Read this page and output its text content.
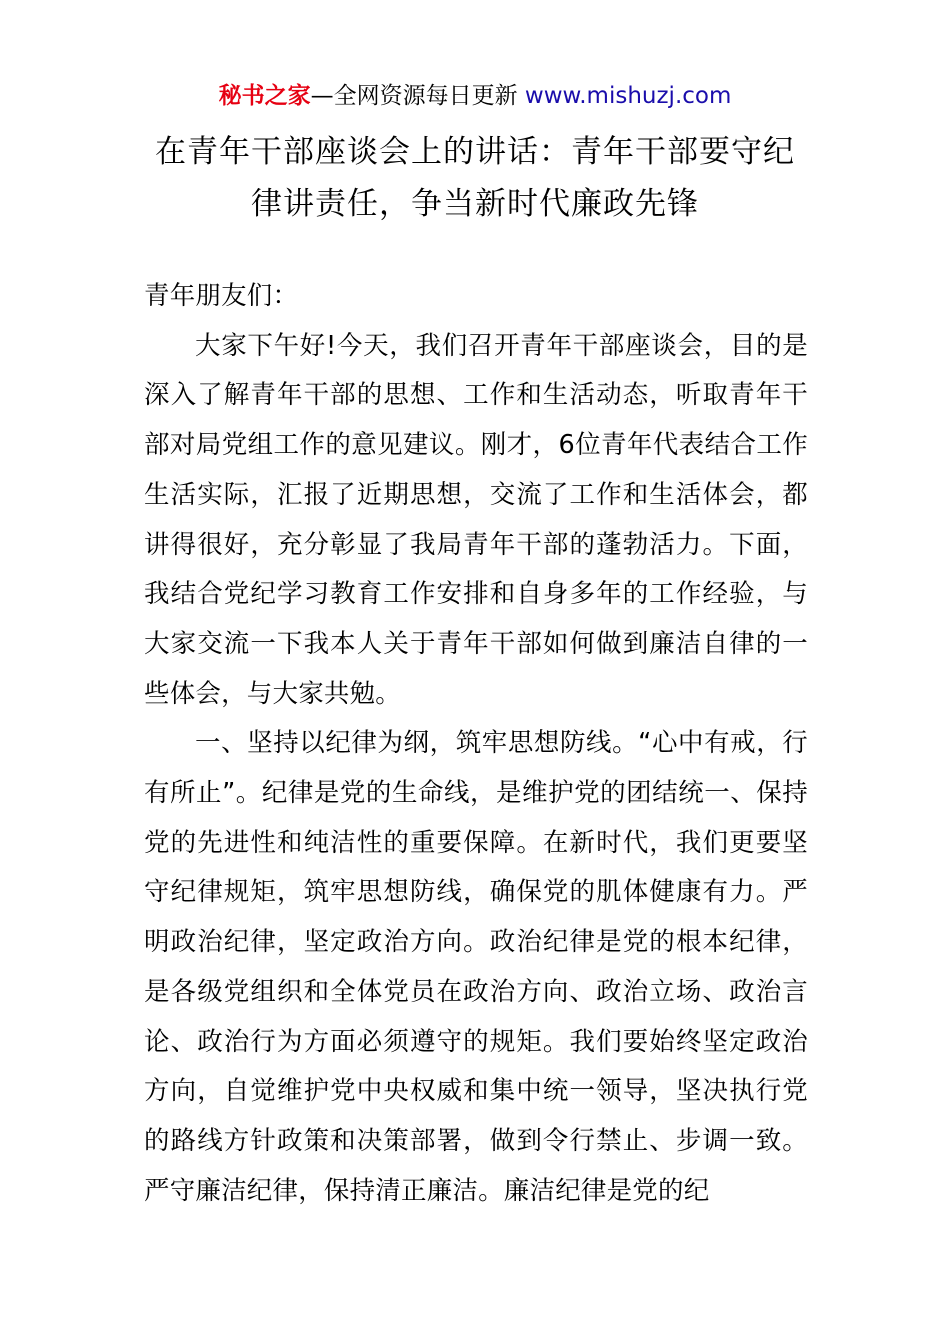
秘书之家—全网资源每日更新 www.mishuzj.com
在青年干部座谈会上的讲话：青年干部要守纪律讲责任，争当新时代廉政先锋

青年朋友们：

大家下午好!今天，我们召开青年干部座谈会，目的是深入了解青年干部的思想、工作和生活动态，听取青年干部对局党组工作的意见建议。刚才，6位青年代表结合工作生活实际，汇报了近期思想，交流了工作和生活体会，都讲得很好，充分彰显了我局青年干部的蓬勃活力。下面，我结合党纪学习教育工作安排和自身多年的工作经验，与大家交流一下我本人关于青年干部如何做到廉洁自律的一些体会，与大家共勉。

一、坚持以纪律为纲，筑牢思想防线。“心中有戒，行有所止”。纪律是党的生命线，是维护党的团结统一、保持党的先进性和纯洁性的重要保障。在新时代，我们更要坚守纪律规矩，筑牢思想防线，确保党的肌体健康有力。严明政治纪律，坚定政治方向。政治纪律是党的根本纪律，是各级党组织和全体党员在政治方向、政治立场、政治言论、政治行为方面必须遵守的规矩。我们要始终坚定政治方向，自觉维护党中央权威和集中统一领导，坚决执行党的路线方针政策和决策部署，做到令行禁止、步调一致。严守廉洁纪律，保持清正廉洁。廉洁纪律是党的纪
